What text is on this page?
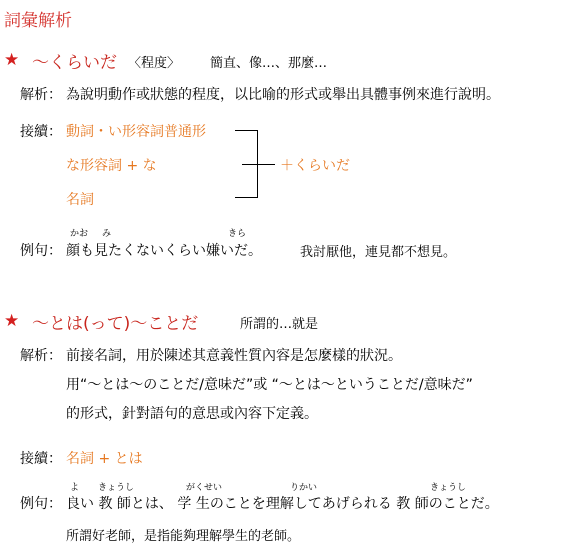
詞彙解析
★ ～くらいだ 〈程度〉 簡直、像…、那麼…
解析： 為說明動作或狀態的程度，以比喻的形式或舉出具體事例來進行說明。
接續： 動詞・い形容詞普通形
な形容詞 + な
名詞
＋くらいだ
かお み	きら
例句： 顔も見たくないくらい嫌いだ。	我討厭他，連見都不想見。
★ ～とは(って)～ことだ	所謂的…就是
解析： 前接名詞，用於陳述其意義性質內容是怎麼樣的狀況。
用“～とは～のことだ/意味だ”或 “～とは～ということだ/意味だ”
的形式，針對語句的意思或內容下定義。
接續： 名詞 + とは
よ きょうし	がくせい	りかい	きょうし
例句： 良い 教 師とは、 学 生のことを理解してあげられる 教 師のことだ。
所謂好老師，是指能夠理解學生的老師。
